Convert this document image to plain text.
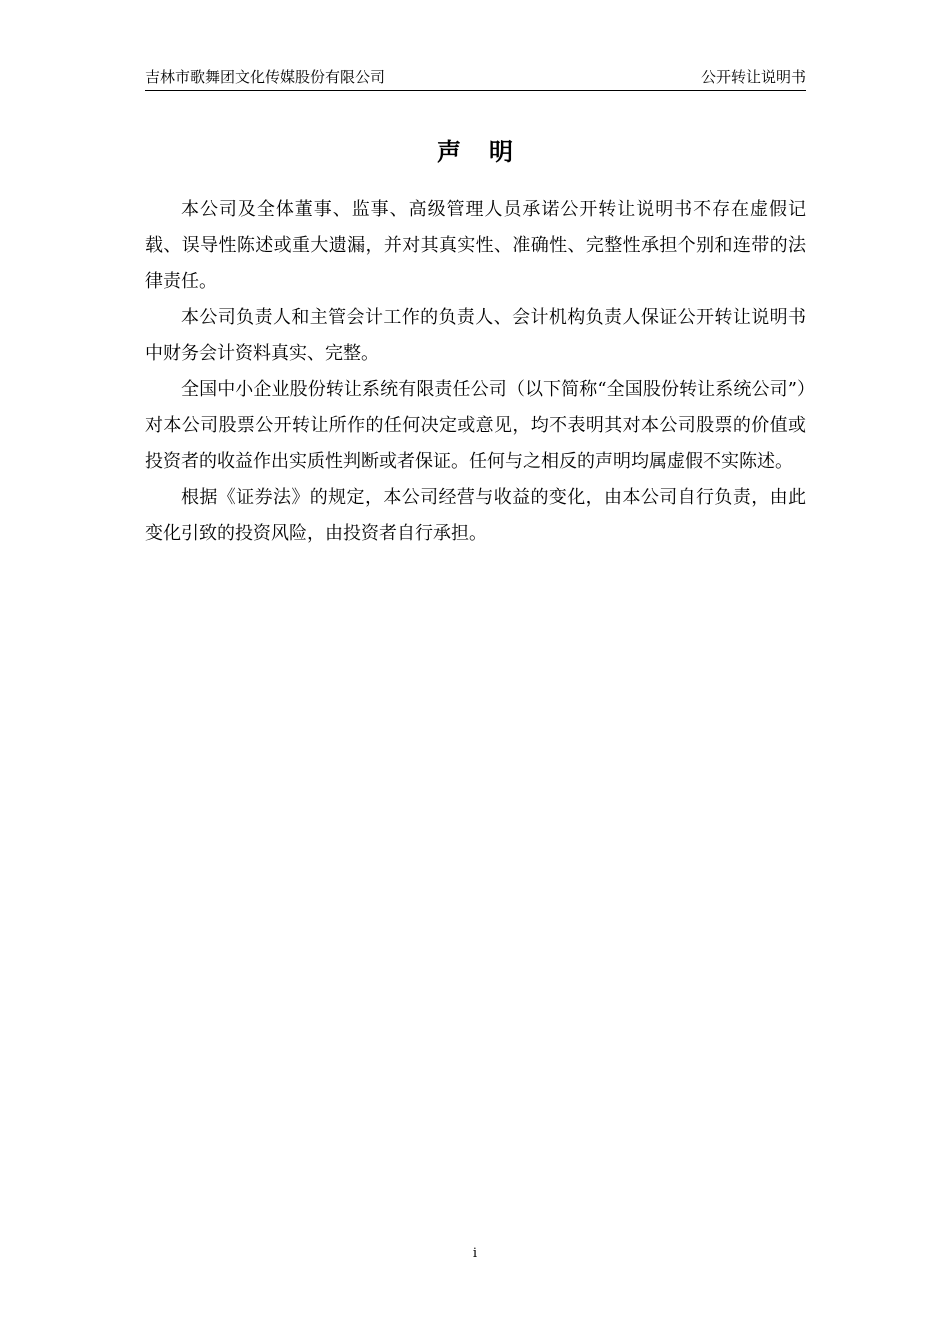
吉林市歌舞团文化传媒股份有限公司	公开转让说明书
声明

本公司及全体董事、监事、高级管理人员承诺公开转让说明书不存在虚假记载、误导性陈述或重大遗漏，并对其真实性、准确性、完整性承担个别和连带的法律责任。

本公司负责人和主管会计工作的负责人、会计机构负责人保证公开转让说明书中财务会计资料真实、完整。

全国中小企业股份转让系统有限责任公司（以下简称“全国股份转让系统公司”）对本公司股票公开转让所作的任何决定或意见，均不表明其对本公司股票的价值或投资者的收益作出实质性判断或者保证。任何与之相反的声明均属虚假不实陈述。

根据《证券法》的规定，本公司经营与收益的变化，由本公司自行负责，由此变化引致的投资风险，由投资者自行承担。

i
